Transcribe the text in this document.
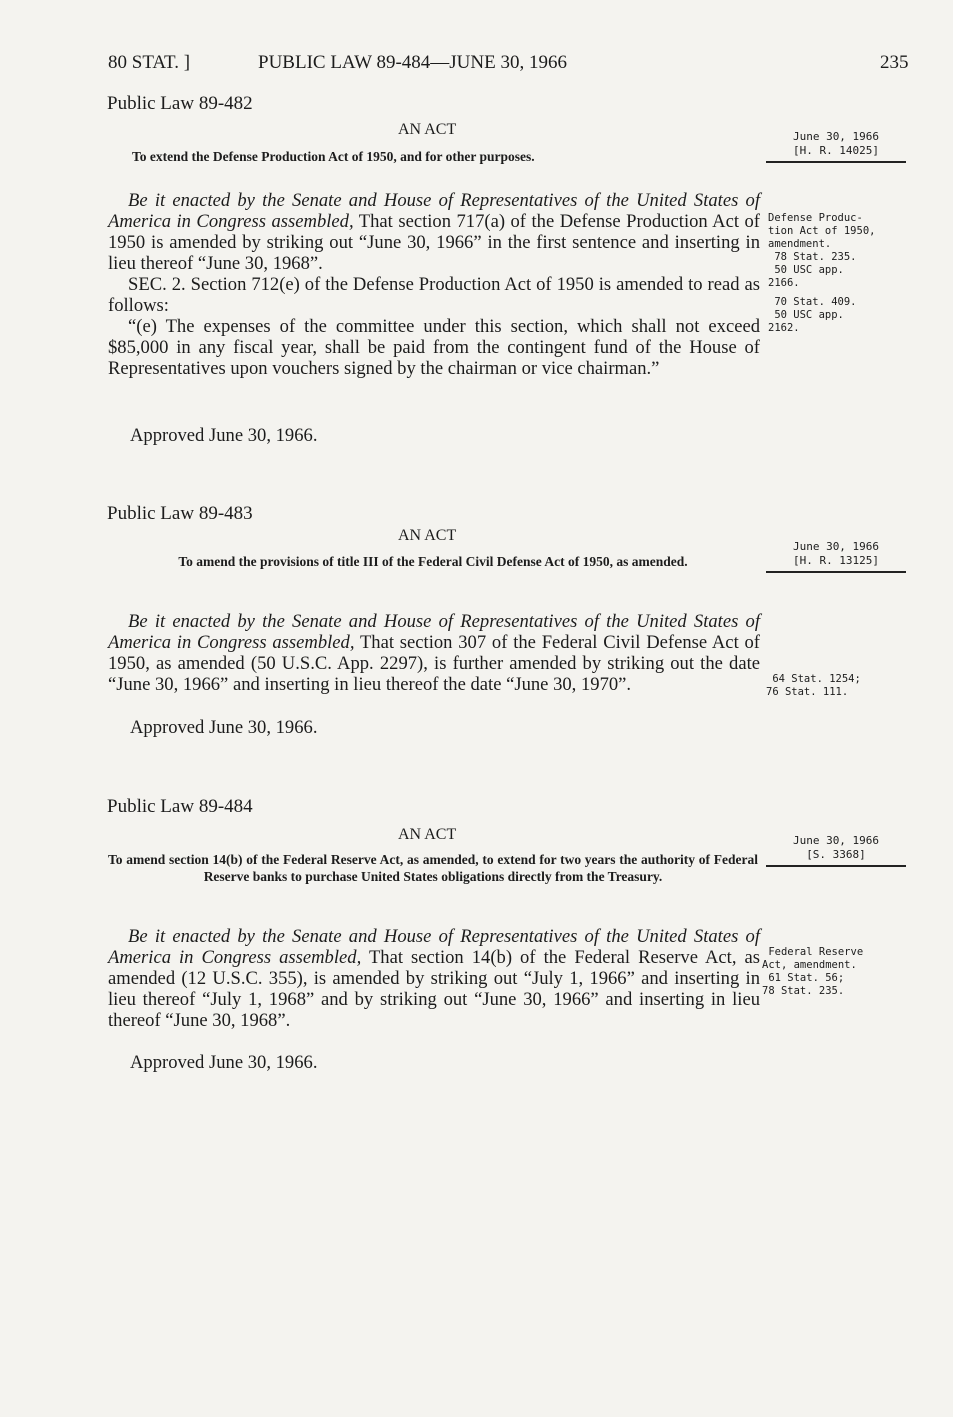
80 STAT. ]	PUBLIC LAW 89-484—JUNE 30, 1966	235
Public Law 89-482
AN ACT
To extend the Defense Production Act of 1950, and for other purposes.
June 30, 1966
[H. R. 14025]

Be it enacted by the Senate and House of Representatives of the United States of America in Congress assembled, That section 717(a) of the Defense Production Act of 1950 is amended by striking out “June 30, 1966” in the first sentence and inserting in lieu thereof “June 30, 1968”.

SEC. 2. Section 712(e) of the Defense Production Act of 1950 is amended to read as follows:

“(e) The expenses of the committee under this section, which shall not exceed $85,000 in any fiscal year, shall be paid from the contingent fund of the House of Representatives upon vouchers signed by the chairman or vice chairman.”

Approved June 30, 1966.
Defense Produc-
tion Act of 1950,
amendment.
78 Stat. 235.
50 USC app.
2166.
70 Stat. 409.
50 USC app.
2162.
Public Law 89-483
AN ACT
To amend the provisions of title III of the Federal Civil Defense Act of 1950, as amended.
June 30, 1966
[H. R. 13125]

Be it enacted by the Senate and House of Representatives of the United States of America in Congress assembled, That section 307 of the Federal Civil Defense Act of 1950, as amended (50 U.S.C. App. 2297), is further amended by striking out the date “June 30, 1966” and inserting in lieu thereof the date “June 30, 1970”.

Approved June 30, 1966.
64 Stat. 1254;
76 Stat. 111.
Public Law 89-484
AN ACT
To amend section 14(b) of the Federal Reserve Act, as amended, to extend for two years the authority of Federal Reserve banks to purchase United States obligations directly from the Treasury.
June 30, 1966
[S. 3368]

Be it enacted by the Senate and House of Representatives of the United States of America in Congress assembled, That section 14(b) of the Federal Reserve Act, as amended (12 U.S.C. 355), is amended by striking out “July 1, 1966” and inserting in lieu thereof “July 1, 1968” and by striking out “June 30, 1966” and inserting in lieu thereof “June 30, 1968”.

Approved June 30, 1966.
Federal Reserve
Act, amendment.
61 Stat. 56;
78 Stat. 235.
